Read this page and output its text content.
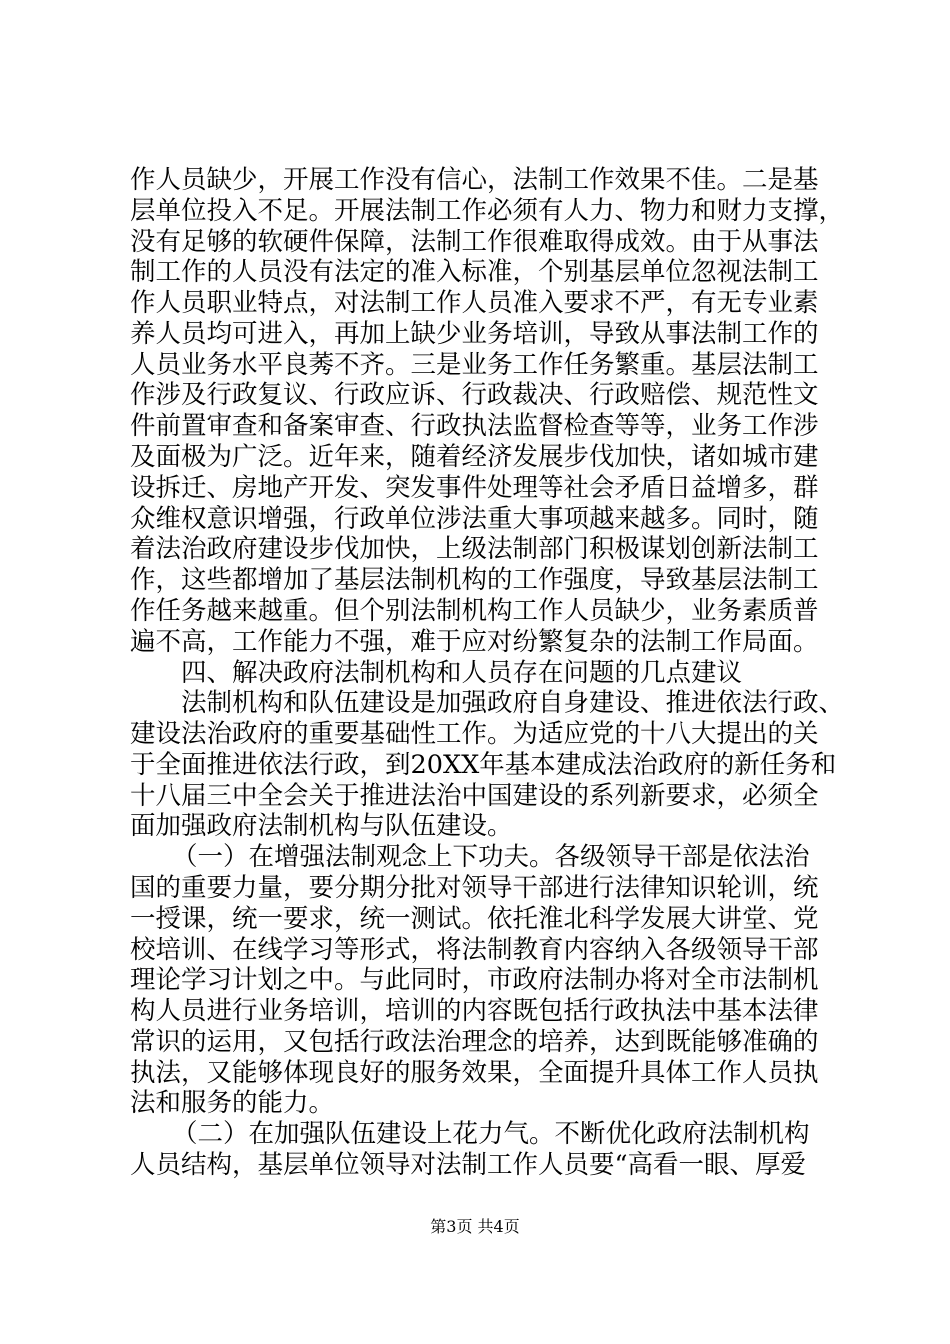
作人员缺少，开展工作没有信心，法制工作效果不佳。二是基
层单位投入不足。开展法制工作必须有人力、物力和财力支撑，
没有足够的软硬件保障，法制工作很难取得成效。由于从事法
制工作的人员没有法定的准入标准，个别基层单位忽视法制工
作人员职业特点，对法制工作人员准入要求不严，有无专业素
养人员均可进入，再加上缺少业务培训，导致从事法制工作的
人员业务水平良莠不齐。三是业务工作任务繁重。基层法制工
作涉及行政复议、行政应诉、行政裁决、行政赔偿、规范性文
件前置审查和备案审查、行政执法监督检查等等，业务工作涉
及面极为广泛。近年来，随着经济发展步伐加快，诸如城市建
设拆迁、房地产开发、突发事件处理等社会矛盾日益增多，群
众维权意识增强，行政单位涉法重大事项越来越多。同时，随
着法治政府建设步伐加快，上级法制部门积极谋划创新法制工
作，这些都增加了基层法制机构的工作强度，导致基层法制工
作任务越来越重。但个别法制机构工作人员缺少，业务素质普
遍不高，工作能力不强，难于应对纷繁复杂的法制工作局面。
四、解决政府法制机构和人员存在问题的几点建议
法制机构和队伍建设是加强政府自身建设、推进依法行政、
建设法治政府的重要基础性工作。为适应党的十八大提出的关
于全面推进依法行政，到20XX年基本建成法治政府的新任务和
十八届三中全会关于推进法治中国建设的系列新要求，必须全
面加强政府法制机构与队伍建设。
（一）在增强法制观念上下功夫。各级领导干部是依法治
国的重要力量，要分期分批对领导干部进行法律知识轮训，统
一授课，统一要求，统一测试。依托淮北科学发展大讲堂、党
校培训、在线学习等形式，将法制教育内容纳入各级领导干部
理论学习计划之中。与此同时，市政府法制办将对全市法制机
构人员进行业务培训，培训的内容既包括行政执法中基本法律
常识的运用，又包括行政法治理念的培养，达到既能够准确的
执法，又能够体现良好的服务效果，全面提升具体工作人员执
法和服务的能力。
（二）在加强队伍建设上花力气。不断优化政府法制机构
人员结构，基层单位领导对法制工作人员要“高看一眼、厚爱
第3页 共4页
